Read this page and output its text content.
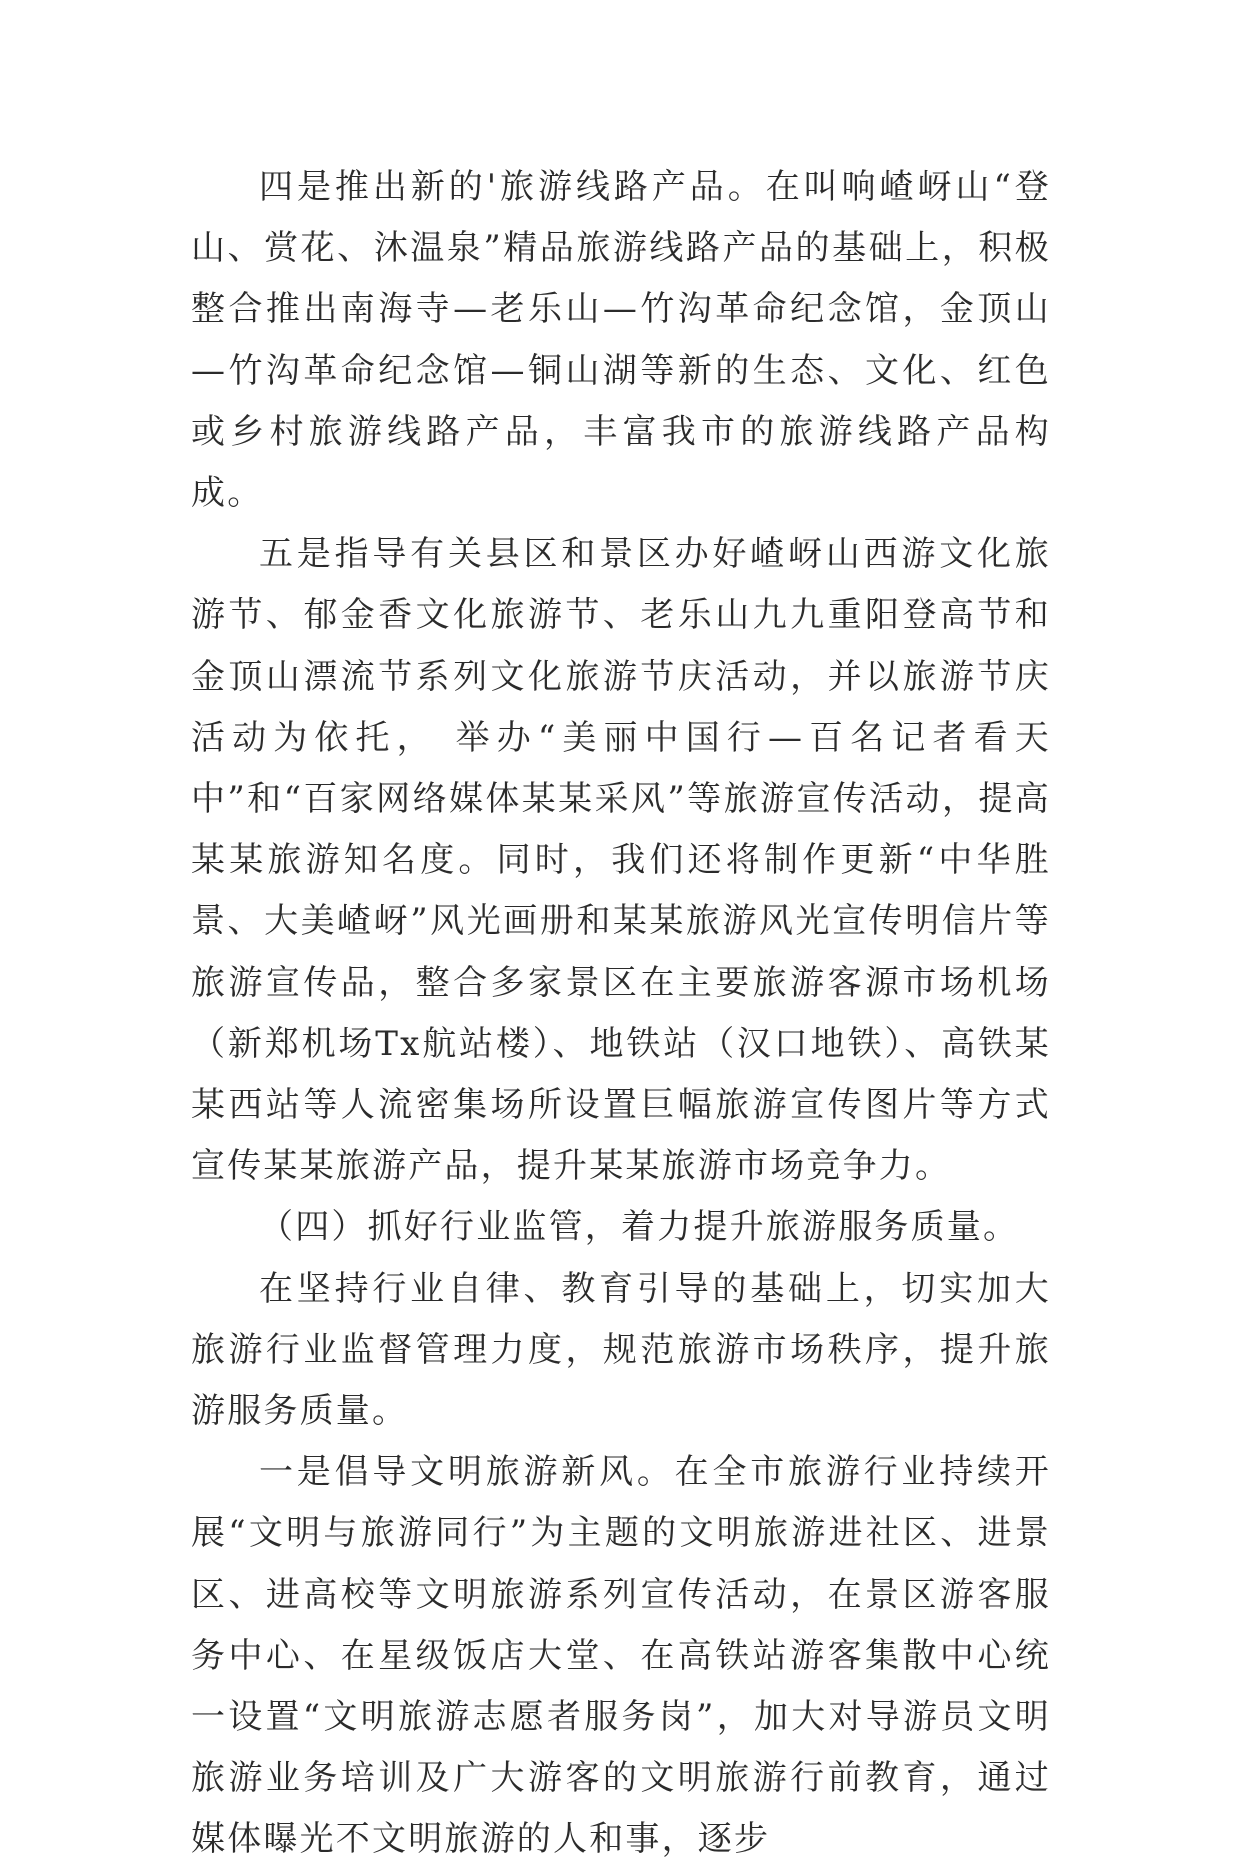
四是推出新的'旅游线路产品。在叫响嵖岈山“登山、赏花、沐温泉”精品旅游线路产品的基础上，积极整合推出南海寺—老乐山—竹沟革命纪念馆，金顶山—竹沟革命纪念馆—铜山湖等新的生态、文化、红色或乡村旅游线路产品，丰富我市的旅游线路产品构成。

五是指导有关县区和景区办好嵖岈山西游文化旅游节、郁金香文化旅游节、老乐山九九重阳登高节和金顶山漂流节系列文化旅游节庆活动，并以旅游节庆活动为依托， 举办“美丽中国行—百名记者看天中”和“百家网络媒体某某采风”等旅游宣传活动，提高某某旅游知名度。同时，我们还将制作更新“中华胜景、大美嵖岈”风光画册和某某旅游风光宣传明信片等旅游宣传品，整合多家景区在主要旅游客源市场机场（新郑机场Tx航站楼）、地铁站（汉口地铁）、高铁某某西站等人流密集场所设置巨幅旅游宣传图片等方式宣传某某旅游产品，提升某某旅游市场竞争力。

（四）抓好行业监管，着力提升旅游服务质量。

在坚持行业自律、教育引导的基础上，切实加大旅游行业监督管理力度，规范旅游市场秩序，提升旅游服务质量。

一是倡导文明旅游新风。在全市旅游行业持续开展“文明与旅游同行”为主题的文明旅游进社区、进景区、进高校等文明旅游系列宣传活动，在景区游客服务中心、在星级饭店大堂、在高铁站游客集散中心统一设置“文明旅游志愿者服务岗”，加大对导游员文明旅游业务培训及广大游客的文明旅游行前教育，通过媒体曝光不文明旅游的人和事，逐步
